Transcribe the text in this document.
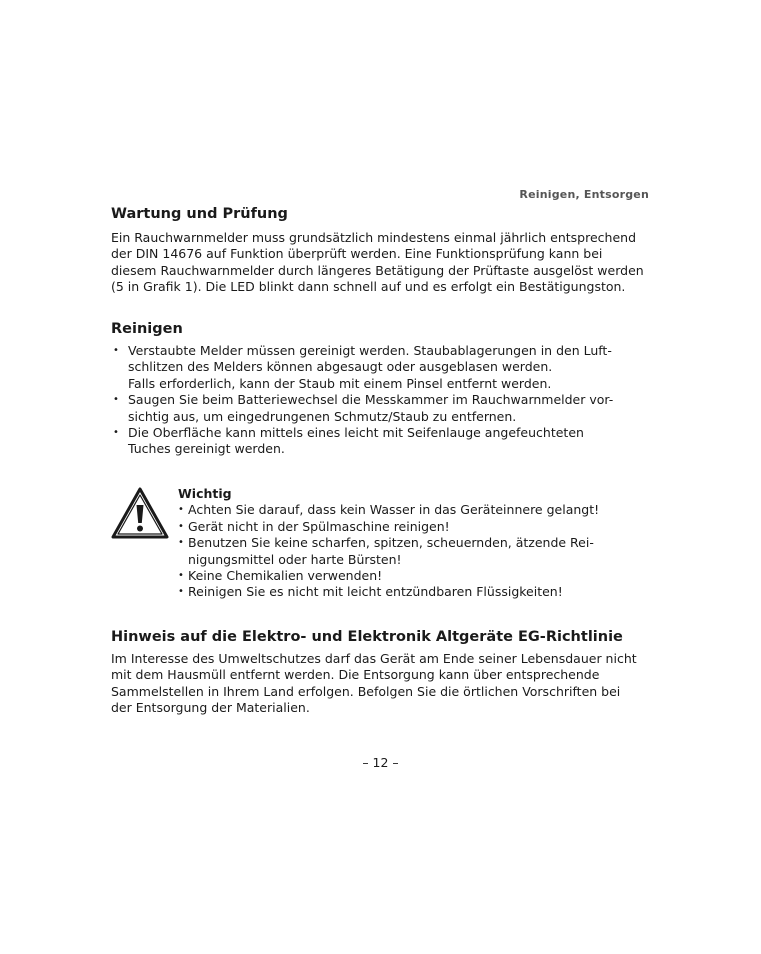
Reinigen, Entsorgen
Wartung und Prüfung

Ein Rauchwarnmelder muss grundsätzlich mindestens einmal jährlich entsprechend
der DIN 14676 auf Funktion überprüft werden. Eine Funktionsprüfung kann bei
diesem Rauchwarnmelder durch längeres Betätigung der Prüftaste ausgelöst werden
(5 in Grafik 1). Die LED blinkt dann schnell auf und es erfolgt ein Bestätigungston.

Reinigen
• Verstaubte Melder müssen gereinigt werden. Staubablagerungen in den Luft-
schlitzen des Melders können abgesaugt oder ausgeblasen werden.
Falls erforderlich, kann der Staub mit einem Pinsel entfernt werden.
• Saugen Sie beim Batteriewechsel die Messkammer im Rauchwarnmelder vor-
sichtig aus, um eingedrungenen Schmutz/Staub zu entfernen.
• Die Oberfläche kann mittels eines leicht mit Seifenlauge angefeuchteten
Tuches gereinigt werden.
Wichtig
• Achten Sie darauf, dass kein Wasser in das Geräteinnere gelangt!
• Gerät nicht in der Spülmaschine reinigen!
• Benutzen Sie keine scharfen, spitzen, scheuernden, ätzende Rei-
nigungsmittel oder harte Bürsten!
• Keine Chemikalien verwenden!
• Reinigen Sie es nicht mit leicht entzündbaren Flüssigkeiten!
Hinweis auf die Elektro- und Elektronik Altgeräte EG-Richtlinie

Im Interesse des Umweltschutzes darf das Gerät am Ende seiner Lebensdauer nicht
mit dem Hausmüll entfernt werden. Die Entsorgung kann über entsprechende
Sammelstellen in Ihrem Land erfolgen. Befolgen Sie die örtlichen Vorschriften bei
der Entsorgung der Materialien.

– 12 –
